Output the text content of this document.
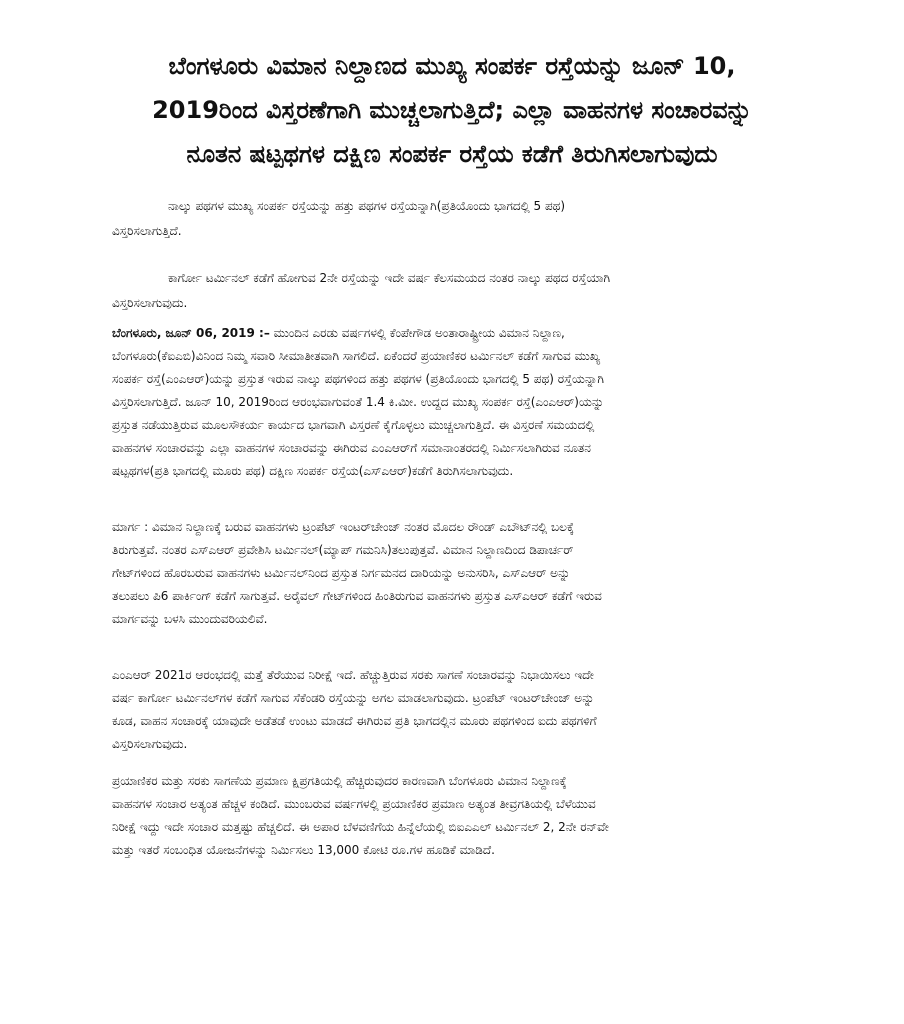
ಬೆಂಗಳೂರು ವಿಮಾನ ನಿಲ್ದಾಣದ ಮುಖ್ಯ ಸಂಪರ್ಕ ರಸ್ತೆಯನ್ನು ಜೂನ್ 10,
2019ರಿಂದ ವಿಸ್ತರಣೆಗಾಗಿ ಮುಚ್ಚಲಾಗುತ್ತಿದೆ; ಎಲ್ಲಾ ವಾಹನಗಳ ಸಂಚಾರವನ್ನು
ನೂತನ ಷಟ್ಪಥಗಳ ದಕ್ಷಿಣ ಸಂಪರ್ಕ ರಸ್ತೆಯ ಕಡೆಗೆ ತಿರುಗಿಸಲಾಗುವುದು

ನಾಲ್ಕು ಪಥಗಳ ಮುಖ್ಯ ಸಂಪರ್ಕ ರಸ್ತೆಯನ್ನು ಹತ್ತು ಪಥಗಳ ರಸ್ತೆಯನ್ನಾಗಿ(ಪ್ರತಿಯೊಂದು ಭಾಗದಲ್ಲಿ 5 ಪಥ)
ವಿಸ್ತರಿಸಲಾಗುತ್ತಿದೆ.

ಕಾರ್ಗೋ ಟರ್ಮಿನಲ್ ಕಡೆಗೆ ಹೋಗುವ 2ನೇ ರಸ್ತೆಯನ್ನು ಇದೇ ವರ್ಷ ಕೆಲಸಮಯದ ನಂತರ ನಾಲ್ಕು ಪಥದ ರಸ್ತೆಯಾಗಿ
ವಿಸ್ತರಿಸಲಾಗುವುದು.

ಬೆಂಗಳೂರು, ಜೂನ್ 06, 2019 :– ಮುಂದಿನ ಎರಡು ವರ್ಷಗಳಲ್ಲಿ ಕೆಂಪೇಗೌಡ ಅಂತಾರಾಷ್ಟ್ರೀಯ ವಿಮಾನ ನಿಲ್ದಾಣ,
ಬೆಂಗಳೂರು(ಕೆಐಎಬಿ)ವಿನಿಂದ ನಿಮ್ಮ ಸವಾರಿ ಸೀಮಾತೀತವಾಗಿ ಸಾಗಲಿದೆ. ಏಕೆಂದರೆ ಪ್ರಯಾಣಿಕರ ಟರ್ಮಿನಲ್ ಕಡೆಗೆ ಸಾಗುವ ಮುಖ್ಯ
ಸಂಪರ್ಕ ರಸ್ತೆ(ಎಂಎಆರ್)ಯನ್ನು ಪ್ರಸ್ತುತ ಇರುವ ನಾಲ್ಕು ಪಥಗಳಿಂದ ಹತ್ತು ಪಥಗಳ (ಪ್ರತಿಯೊಂದು ಭಾಗದಲ್ಲಿ 5 ಪಥ) ರಸ್ತೆಯನ್ನಾಗಿ
ವಿಸ್ತರಿಸಲಾಗುತ್ತಿದೆ. ಜೂನ್ 10, 2019ರಿಂದ ಆರಂಭವಾಗುವಂತೆ 1.4 ಕಿ.ಮೀ. ಉದ್ದದ ಮುಖ್ಯ ಸಂಪರ್ಕ ರಸ್ತೆ(ಎಂಎಆರ್)ಯನ್ನು
ಪ್ರಸ್ತುತ ನಡೆಯುತ್ತಿರುವ ಮೂಲಸೌಕರ್ಯ ಕಾರ್ಯದ ಭಾಗವಾಗಿ ವಿಸ್ತರಣೆ ಕೈಗೊಳ್ಳಲು ಮುಚ್ಚಲಾಗುತ್ತಿದೆ. ಈ ವಿಸ್ತರಣೆ ಸಮಯದಲ್ಲಿ
ವಾಹನಗಳ ಸಂಚಾರವನ್ನು ಎಲ್ಲಾ ವಾಹನಗಳ ಸಂಚಾರವನ್ನು ಈಗಿರುವ ಎಂಎಆರ್‌ಗೆ ಸಮಾನಾಂತರದಲ್ಲಿ ನಿರ್ಮಿಸಲಾಗಿರುವ ನೂತನ
ಷಟ್ಪಥಗಳ(ಪ್ರತಿ ಭಾಗದಲ್ಲಿ ಮೂರು ಪಥ) ದಕ್ಷಿಣ ಸಂಪರ್ಕ ರಸ್ತೆಯ(ಎಸ್‌ಎಆರ್)ಕಡೆಗೆ ತಿರುಗಿಸಲಾಗುವುದು.

ಮಾರ್ಗ : ವಿಮಾನ ನಿಲ್ದಾಣಕ್ಕೆ ಬರುವ ವಾಹನಗಳು ಟ್ರಂಪೆಟ್ ಇಂಟರ್‌ಚೇಂಜ್ ನಂತರ ಮೊದಲ ರೌಂಡ್ ಎಬೌಟ್‌ನಲ್ಲಿ ಬಲಕ್ಕೆ
ತಿರುಗುತ್ತವೆ. ನಂತರ ಎಸ್‌ಎಆರ್ ಪ್ರವೇಶಿಸಿ ಟರ್ಮಿನಲ್(ಮ್ಯಾಪ್ ಗಮನಿಸಿ)ತಲುಪುತ್ತವೆ. ವಿಮಾನ ನಿಲ್ದಾಣದಿಂದ ಡಿಪಾರ್ಚರ್
ಗೇಟ್‌ಗಳಿಂದ ಹೊರಬರುವ ವಾಹನಗಳು ಟರ್ಮಿನಲ್‌ನಿಂದ ಪ್ರಸ್ತುತ ನಿರ್ಗಮನದ ದಾರಿಯನ್ನು ಅನುಸರಿಸಿ, ಎಸ್‌ಎಆರ್ ಅನ್ನು
ತಲುಪಲು ಪಿ6 ಪಾರ್ಕಿಂಗ್ ಕಡೆಗೆ ಸಾಗುತ್ತವೆ. ಅರೈವಲ್ ಗೇಟ್‌ಗಳಿಂದ ಹಿಂತಿರುಗುವ ವಾಹನಗಳು ಪ್ರಸ್ತುತ ಎಸ್‌ಎಆರ್ ಕಡೆಗೆ ಇರುವ
ಮಾರ್ಗವನ್ನು ಬಳಸಿ ಮುಂದುವರಿಯಲಿವೆ.

ಎಂಎಆರ್ 2021ರ ಆರಂಭದಲ್ಲಿ ಮತ್ತೆ ತೆರೆಯುವ ನಿರೀಕ್ಷೆ ಇದೆ. ಹೆಚ್ಚುತ್ತಿರುವ ಸರಕು ಸಾಗಣೆ ಸಂಚಾರವನ್ನು ನಿಭಾಯಿಸಲು ಇದೇ
ವರ್ಷ ಕಾರ್ಗೋ ಟರ್ಮಿನಲ್‌ಗಳ ಕಡೆಗೆ ಸಾಗುವ ಸೆಕೆಂಡರಿ ರಸ್ತೆಯನ್ನು ಅಗಲ ಮಾಡಲಾಗುವುದು. ಟ್ರಂಪೆಟ್ ಇಂಟರ್‌ಚೇಂಜ್ ಅನ್ನು
ಕೂಡ, ವಾಹನ ಸಂಚಾರಕ್ಕೆ ಯಾವುದೇ ಅಡೆತಡೆ ಉಂಟು ಮಾಡದೆ ಈಗಿರುವ ಪ್ರತಿ ಭಾಗದಲ್ಲಿನ ಮೂರು ಪಥಗಳಿಂದ ಐದು ಪಥಗಳಿಗೆ
ವಿಸ್ತರಿಸಲಾಗುವುದು.

ಪ್ರಯಾಣಿಕರ ಮತ್ತು ಸರಕು ಸಾಗಣೆಯ ಪ್ರಮಾಣ ಕ್ಷಿಪ್ರಗತಿಯಲ್ಲಿ ಹೆಚ್ಚಿರುವುದರ ಕಾರಣವಾಗಿ ಬೆಂಗಳೂರು ವಿಮಾನ ನಿಲ್ದಾಣಕ್ಕೆ
ವಾಹನಗಳ ಸಂಚಾರ ಅತ್ಯಂತ ಹೆಚ್ಚಳ ಕಂಡಿದೆ. ಮುಂಬರುವ ವರ್ಷಗಳಲ್ಲಿ ಪ್ರಯಾಣಿಕರ ಪ್ರಮಾಣ ಅತ್ಯಂತ ತೀವ್ರಗತಿಯಲ್ಲಿ ಬೆಳೆಯುವ
ನಿರೀಕ್ಷೆ ಇದ್ದು ಇದೇ ಸಂಚಾರ ಮತ್ತಷ್ಟು ಹೆಚ್ಚಲಿದೆ. ಈ ಅಪಾರ ಬೆಳವಣಿಗೆಯ ಹಿನ್ನೆಲೆಯಲ್ಲಿ ಬಿಐಎಎಲ್ ಟರ್ಮಿನಲ್ 2, 2ನೇ ರನ್‌ವೇ
ಮತ್ತು ಇತರೆ ಸಂಬಂಧಿತ ಯೋಜನೆಗಳನ್ನು ನಿರ್ಮಿಸಲು 13,000 ಕೋಟಿ ರೂ.ಗಳ ಹೂಡಿಕೆ ಮಾಡಿದೆ.
